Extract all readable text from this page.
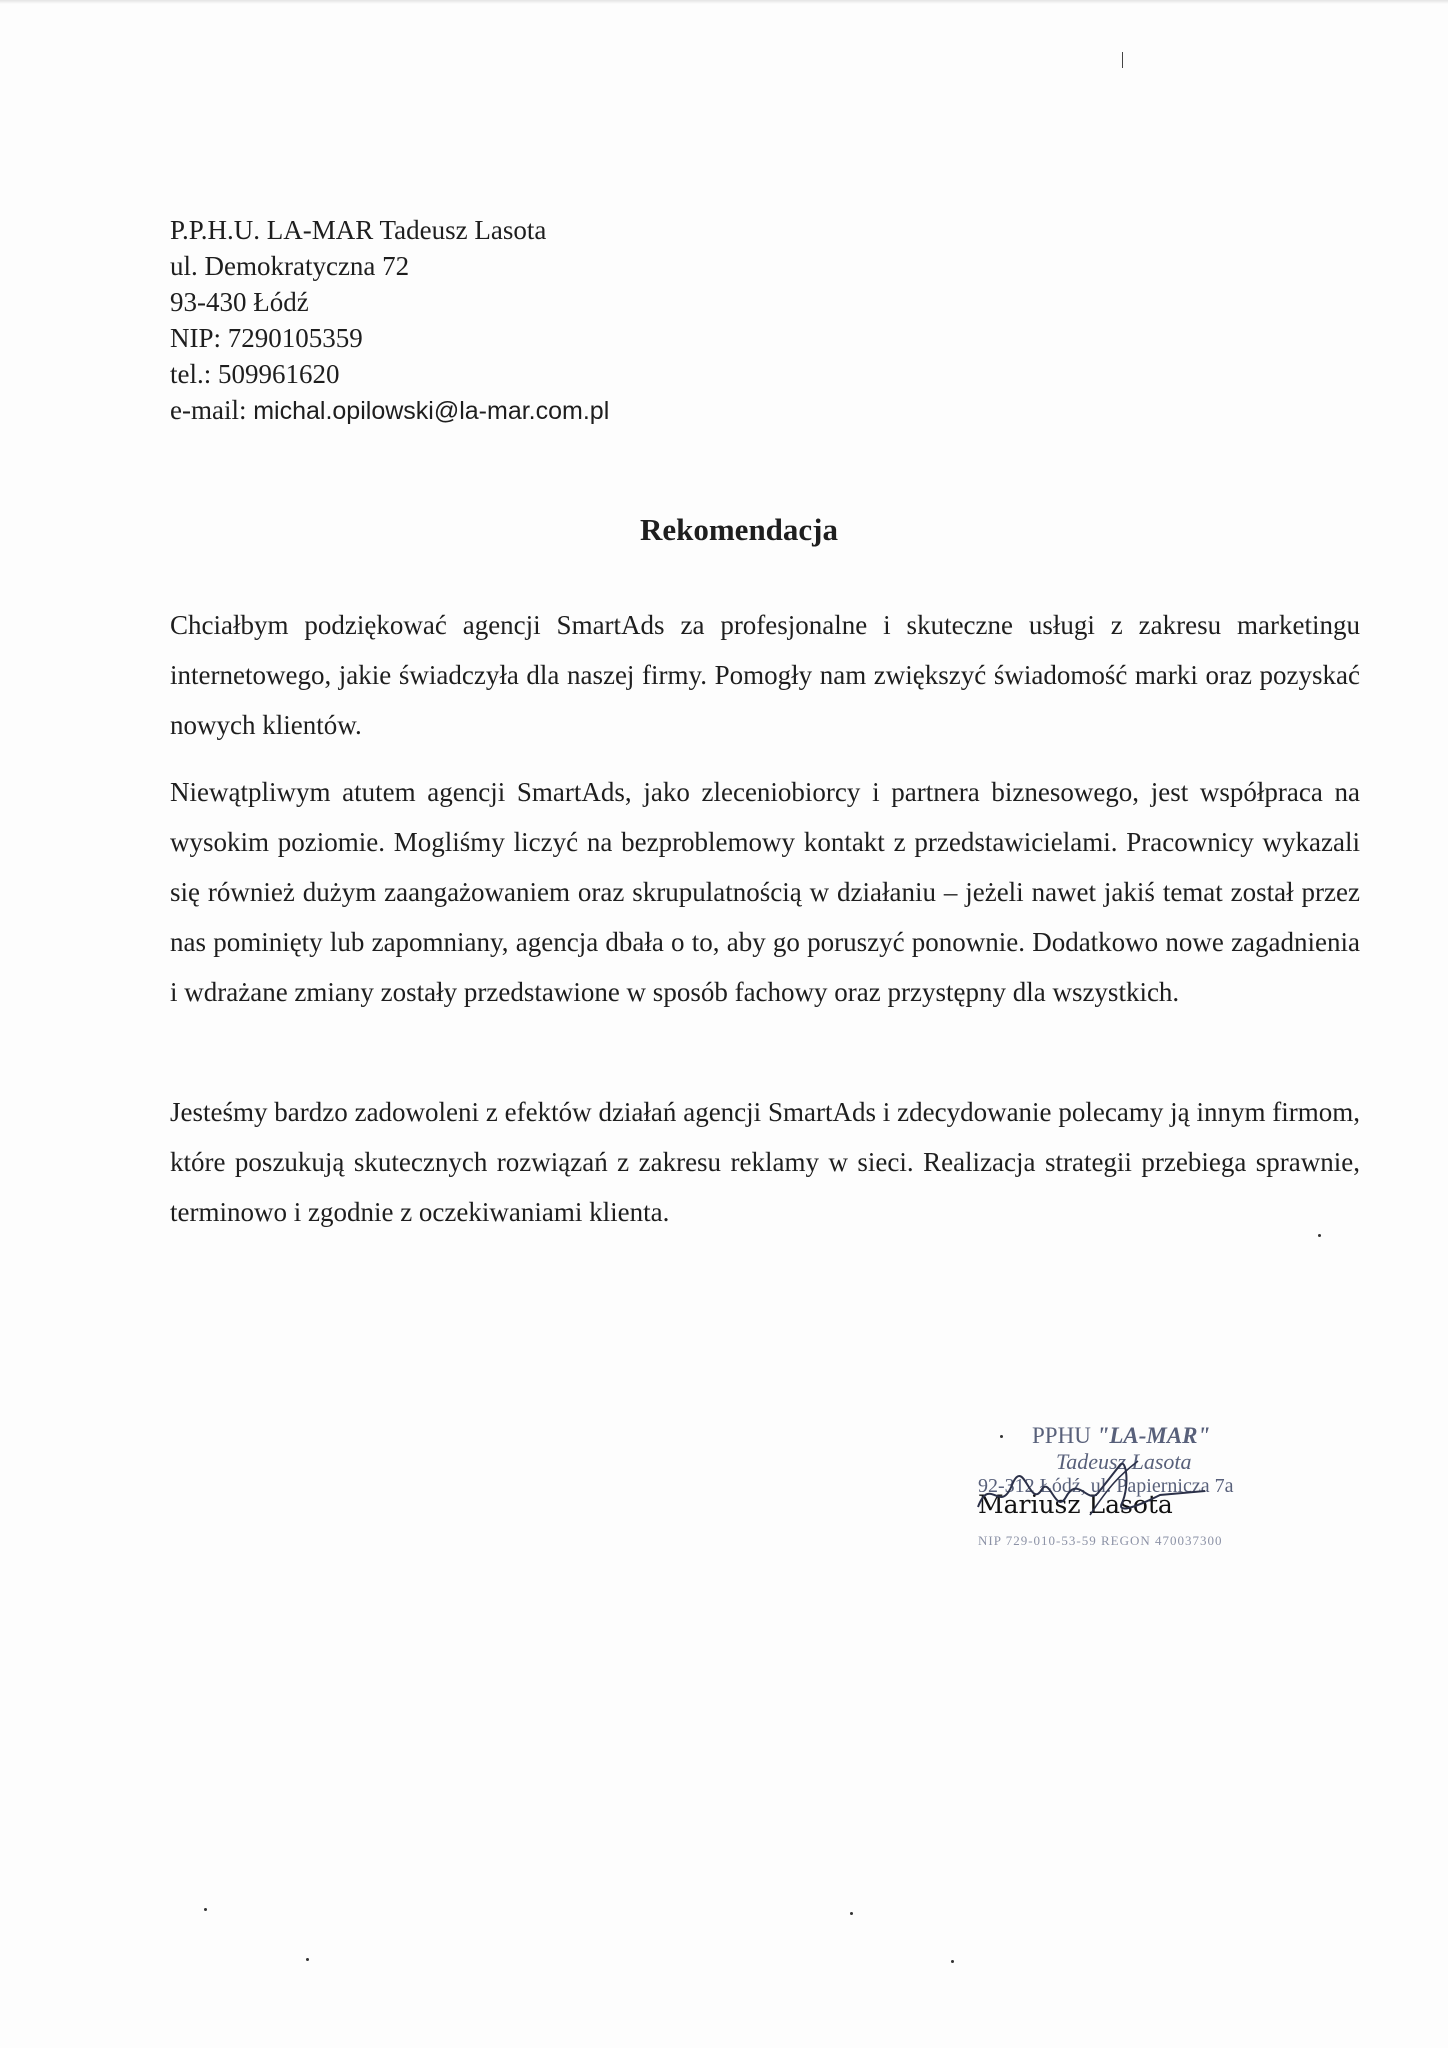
P.P.H.U. LA-MAR Tadeusz Lasota
ul. Demokratyczna 72
93-430 Łódź
NIP: 7290105359
tel.: 509961620
e-mail: michal.opilowski@la-mar.com.pl
Rekomendacja

Chciałbym podziękować agencji SmartAds za profesjonalne i skuteczne usługi z zakresu marketingu internetowego, jakie świadczyła dla naszej firmy. Pomogły nam zwiększyć świadomość marki oraz pozyskać nowych klientów.

Niewątpliwym atutem agencji SmartAds, jako zleceniobiorcy i partnera biznesowego, jest współpraca na wysokim poziomie. Mogliśmy liczyć na bezproblemowy kontakt z przedstawicielami. Pracownicy wykazali się również dużym zaangażowaniem oraz skrupulatnością w działaniu – jeżeli nawet jakiś temat został przez nas pominięty lub zapomniany, agencja dbała o to, aby go poruszyć ponownie. Dodatkowo nowe zagadnienia i wdrażane zmiany zostały przedstawione w sposób fachowy oraz przystępny dla wszystkich.

Jesteśmy bardzo zadowoleni z efektów działań agencji SmartAds i zdecydowanie polecamy ją innym firmom, które poszukują skutecznych rozwiązań z zakresu reklamy w sieci. Realizacja strategii przebiega sprawnie, terminowo i zgodnie z oczekiwaniami klienta.

PPHU "LA-MAR"
Tadeusz Lasota
92-312 Łódź, ul. Papiernicza 7a
NIP 729-010-53-59 REGON 470037300
Mariusz Lasota
